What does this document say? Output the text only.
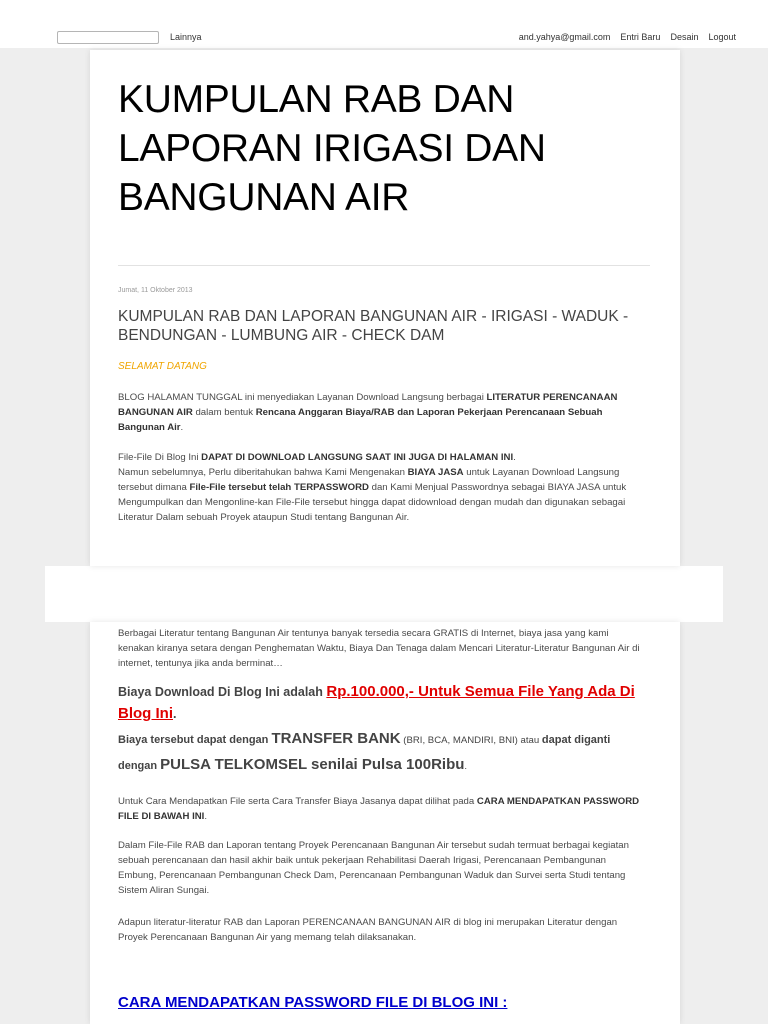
Lainnya	and.yahya@gmail.com Entri Baru Desain Logout
KUMPULAN RAB DAN LAPORAN IRIGASI DAN BANGUNAN AIR
Jumat, 11 Oktober 2013
KUMPULAN RAB DAN LAPORAN BANGUNAN AIR - IRIGASI - WADUK - BENDUNGAN - LUMBUNG AIR - CHECK DAM
SELAMAT DATANG

BLOG HALAMAN TUNGGAL ini menyediakan Layanan Download Langsung berbagai LITERATUR PERENCANAAN BANGUNAN AIR dalam bentuk Rencana Anggaran Biaya/RAB dan Laporan Pekerjaan Perencanaan Sebuah Bangunan Air.

File-File Di Blog Ini DAPAT DI DOWNLOAD LANGSUNG SAAT INI JUGA DI HALAMAN INI.
Namun sebelumnya, Perlu diberitahukan bahwa Kami Mengenakan BIAYA JASA untuk Layanan Download Langsung tersebut dimana File-File tersebut telah TERPASSWORD dan Kami Menjual Passwordnya sebagai BIAYA JASA untuk Mengumpulkan dan Mengonline-kan File-File tersebut hingga dapat didownload dengan mudah dan digunakan sebagai Literatur Dalam sebuah Proyek ataupun Studi tentang Bangunan Air.

Berbagai Literatur tentang Bangunan Air tentunya banyak tersedia secara GRATIS di Internet, biaya jasa yang kami kenakan kiranya setara dengan Penghematan Waktu, Biaya Dan Tenaga dalam Mencari Literatur-Literatur Bangunan Air di internet, tentunya jika anda berminat…

Biaya Download Di Blog Ini adalah Rp.100.000,- Untuk Semua File Yang Ada Di Blog Ini.
Biaya tersebut dapat dengan TRANSFER BANK (BRI, BCA, MANDIRI, BNI) atau dapat diganti dengan PULSA TELKOMSEL senilai Pulsa 100Ribu.

Untuk Cara Mendapatkan File serta Cara Transfer Biaya Jasanya dapat dilihat pada CARA MENDAPATKAN PASSWORD FILE DI BAWAH INI.

Dalam File-File RAB dan Laporan tentang Proyek Perencanaan Bangunan Air tersebut sudah termuat berbagai kegiatan sebuah perencanaan dan hasil akhir baik untuk pekerjaan Rehabilitasi Daerah Irigasi, Perencanaan Pembangunan Embung, Perencanaan Pembangunan Check Dam, Perencanaan Pembangunan Waduk dan Survei serta Studi tentang Sistem Aliran Sungai.

Adapun literatur-literatur RAB dan Laporan PERENCANAAN BANGUNAN AIR di blog ini merupakan Literatur dengan Proyek Perencanaan Bangunan Air yang memang telah dilaksanakan.

CARA MENDAPATKAN PASSWORD FILE DI BLOG INI :
